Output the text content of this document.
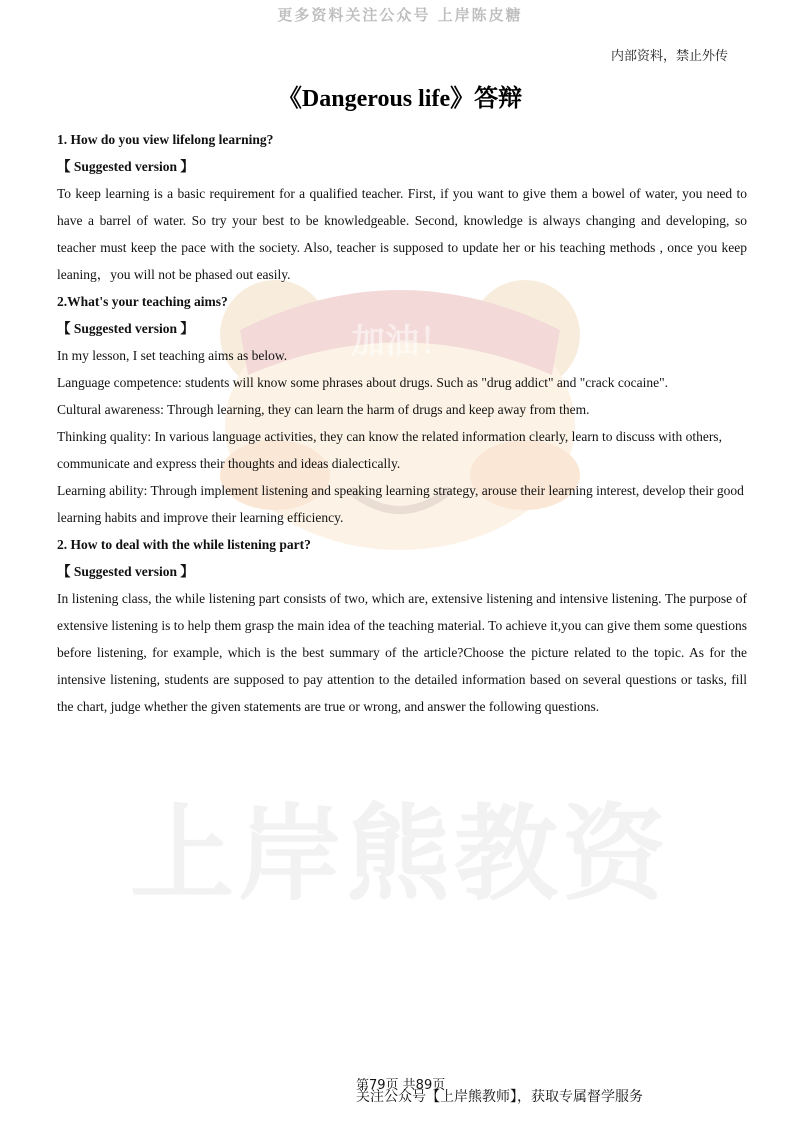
加油！
上岸熊教资
更多资料关注公众号 上岸陈皮糖
内部资料，禁止外传
《Dangerous life》答辩
1. How do you view lifelong learning?
【 Suggested version 】

To keep learning is a basic requirement for a qualified teacher. First, if you want to give them a bowel of water, you need to have a barrel of water. So try your best to be knowledgeable. Second, knowledge is always changing and developing, so teacher must keep the pace with the society. Also, teacher is supposed to update her or his teaching methods , once you keep leaning，you will not be phased out easily.

2.What's your teaching aims?
【 Suggested version 】
In my lesson, I set teaching aims as below.
Language competence: students will know some phrases about drugs. Such as "drug addict" and "crack cocaine".
Cultural awareness: Through learning, they can learn the harm of drugs and keep away from them.
Thinking quality: In various language activities, they can know the related information clearly, learn to discuss with others, communicate and express their thoughts and ideas dialectically.
Learning ability: Through implement listening and speaking learning strategy, arouse their learning interest, develop their good learning habits and improve their learning efficiency.
2. How to deal with the while listening part?
【 Suggested version 】

In listening class, the while listening part consists of two, which are, extensive listening and intensive listening. The purpose of extensive listening is to help them grasp the main idea of the teaching material. To achieve it,you can give them some questions before listening, for example, which is the best summary of the article?Choose the picture related to the topic. As for the intensive listening, students are supposed to pay attention to the detailed information based on several questions or tasks, fill the chart, judge whether the given statements are true or wrong, and answer the following questions.

第79页 共89页
关注公众号【上岸熊教师】，获取专属督学服务
